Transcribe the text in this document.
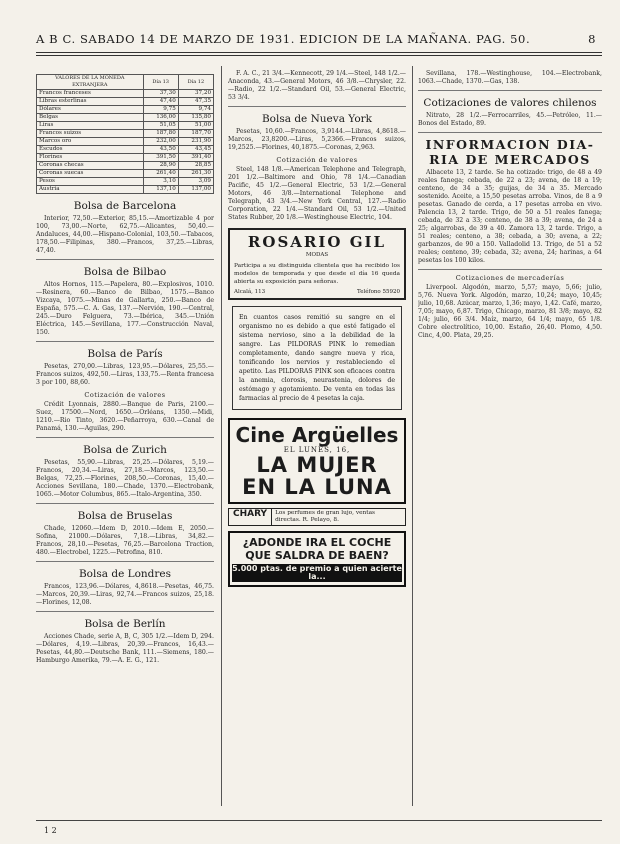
A B C. SABADO 14 DE MARZO DE 1931. EDICION DE LA MAÑANA. PAG. 50.	8
VALORES DE LA MONEDA
EXTRANJERA	Día 13	Día 12
Francos franceses	37,30	37,20
Libras esterlinas	47,40	47,35
Dólares	9,75	9,74
Belgas	136,00	135,80
Liras	51,05	51,00
Francos suizos	187,80	187,70
Marcos oro	232,00	231,90
Escudos	43,50	43,45
Florines	391,50	391,40
Coronas checas	28,90	28,85
Coronas suecas	261,40	261,30
Pesos	3,10	3,09
Austria	137,10	137,00
Bolsa de Barcelona

Interior, 72,50.—Exterior, 85,15.—Amortizable 4 por 100, 73,00.—Norte, 62,75.—Alicantes, 50,40.—Andaluces, 44,00.—Hispano-Colonial, 103,50.—Tabacos, 178,50.—Filipinas, 380.—Francos, 37,25.—Libras, 47,40.

Bolsa de Bilbao

Altos Hornos, 115.—Papelera, 80.—Explosivos, 1010.—Resinera, 60.—Banco de Bilbao, 1575.—Banco Vizcaya, 1075.—Minas de Gallarta, 250.—Banco de España, 575.—C. A. Gas, 137.—Nervión, 190.—Central, 245.—Duro Felguera, 73.—Ibérica, 345.—Unión Eléctrica, 145.—Sevillana, 177.—Construcción Naval, 150.

Bolsa de París

Pesetas, 270,00.—Libras, 123,95.—Dólares, 25,55.—Francos suizos, 492,50.—Liras, 133,75.—Renta francesa 3 por 100, 88,60.

Cotización de valores

Crédit Lyonnais, 2880.—Banque de Paris, 2100.—Suez, 17500.—Nord, 1650.—Orléans, 1350.—Midi, 1210.—Rio Tinto, 3620.—Peñarroya, 630.—Canal de Panamá, 130.—Aguilas, 290.

Bolsa de Zurich

Pesetas, 55,90.—Libras, 25,25.—Dólares, 5,19.—Francos, 20,34.—Liras, 27,18.—Marcos, 123,50.—Belgas, 72,25.—Florines, 208,50.—Coronas, 15,40.—Acciones Sevillana, 180.—Chade, 1370.—Electrobank, 1065.—Motor Columbus, 865.—Italo-Argentina, 350.

Bolsa de Bruselas

Chade, 12060.—Idem D, 2010.—Idem E, 2050.—Sofina, 21000.—Dólares, 7,18.—Libras, 34,82.—Francos, 28,10.—Pesetas, 76,25.—Barcelona Traction, 480.—Electrobel, 1225.—Petrofina, 810.

Bolsa de Londres

Francos, 123,96.—Dólares, 4,8618.—Pesetas, 46,75.—Marcos, 20,39.—Liras, 92,74.—Francos suizos, 25,18.—Florines, 12,08.

Bolsa de Berlín

Acciones Chade, serie A, B, C, 305 1/2.—Idem D, 294.—Dólares, 4,19.—Libras, 20,39.—Francos, 16,43.—Pesetas, 44,80.—Deutsche Bank, 111.—Siemens, 180.—Hamburgo Amerika, 79.—A. E. G., 121.

F. A. C., 21 3/4.—Kennecott, 29 1/4.—Steel, 148 1/2.—Anaconda, 43.—General Motors, 46 3/8.—Chrysler, 22.—Radio, 22 1/2.—Standard Oil, 53.—General Electric, 53 3/4.

Bolsa de Nueva York

Pesetas, 10,60.—Francos, 3,9144.—Libras, 4,8618.—Marcos, 23,8200.—Liras, 5,2366.—Francos suizos, 19,2525.—Florines, 40,1875.—Coronas, 2,963.

Cotización de valores

Steel, 148 1/8.—American Telephone and Telegraph, 201 1/2.—Baltimore and Ohio, 78 1/4.—Canadian Pacific, 45 1/2.—General Electric, 53 1/2.—General Motors, 46 3/8.—International Telephone and Telegraph, 43 3/4.—New York Central, 127.—Radio Corporation, 22 1/4.—Standard Oil, 53 1/2.—United States Rubber, 20 1/8.—Westinghouse Electric, 104.

ROSARIO GIL
MODAS
Participa a su distinguida clientela que ha recibido los modelos de temporada y que desde el día 16 queda abierta su exposición para señoras.
Alcalá, 113	Teléfono 55920
En cuantos casos remitió su sangre en el organismo no es debido a que esté fatigado el sistema nervioso, sino a la debilidad de la sangre. Las PILDORAS PINK lo remedian completamente, dando sangre nueva y rica, tonificando los nervios y restableciendo el apetito. Las PILDORAS PINK son eficaces contra la anemia, clorosis, neurastenia, dolores de estómago y agotamiento. De venta en todas las farmacias al precio de 4 pesetas la caja.
Cine Argüelles
EL LUNES, 16,
LA MUJER
EN LA LUNA
CHARY	Los perfumes de gran lujo, ventas directas. R. Pelayo, 8.
¿ADONDE IRA EL COCHE
QUE SALDRA DE BAEN?
5.000 ptas. de premio a quien acierte la...

Sevillana, 178.—Westinghouse, 104.—Electrobank, 1063.—Chade, 1370.—Gas, 138.

Cotizaciones de valores chilenos

Nitrato, 28 1/2.—Ferrocarriles, 45.—Petróleo, 11.—Bonos del Estado, 89.

INFORMACION DIA-
RIA DE MERCADOS

Albacete 13, 2 tarde. Se ha cotizado: trigo, de 48 a 49 reales fanega; cebada, de 22 a 23; avena, de 18 a 19; centeno, de 34 a 35; guijas, de 34 a 35. Mercado sostenido. Aceite, a 15,50 pesetas arroba. Vinos, de 8 a 9 pesetas. Ganado de cerda, a 17 pesetas arroba en vivo. Palencia 13, 2 tarde. Trigo, de 50 a 51 reales fanega; cebada, de 32 a 33; centeno, de 38 a 39; avena, de 24 a 25; algarrobas, de 39 a 40. Zamora 13, 2 tarde. Trigo, a 51 reales; centeno, a 38; cebada, a 30; avena, a 22; garbanzos, de 90 a 150. Valladolid 13. Trigo, de 51 a 52 reales; centeno, 39; cebada, 32; avena, 24; harinas, a 64 pesetas los 100 kilos.

Cotizaciones de mercaderías

Liverpool. Algodón, marzo, 5,57; mayo, 5,66; julio, 5,76. Nueva York. Algodón, marzo, 10,24; mayo, 10,45; julio, 10,68. Azúcar, marzo, 1,36; mayo, 1,42. Café, marzo, 7,05; mayo, 6,87. Trigo, Chicago, marzo, 81 3/8; mayo, 82 1/4; julio, 66 3/4. Maíz, marzo, 64 1/4; mayo, 65 1/8. Cobre electrolítico, 10,00. Estaño, 26,40. Plomo, 4,50. Cinc, 4,00. Plata, 29,25.

1 2
